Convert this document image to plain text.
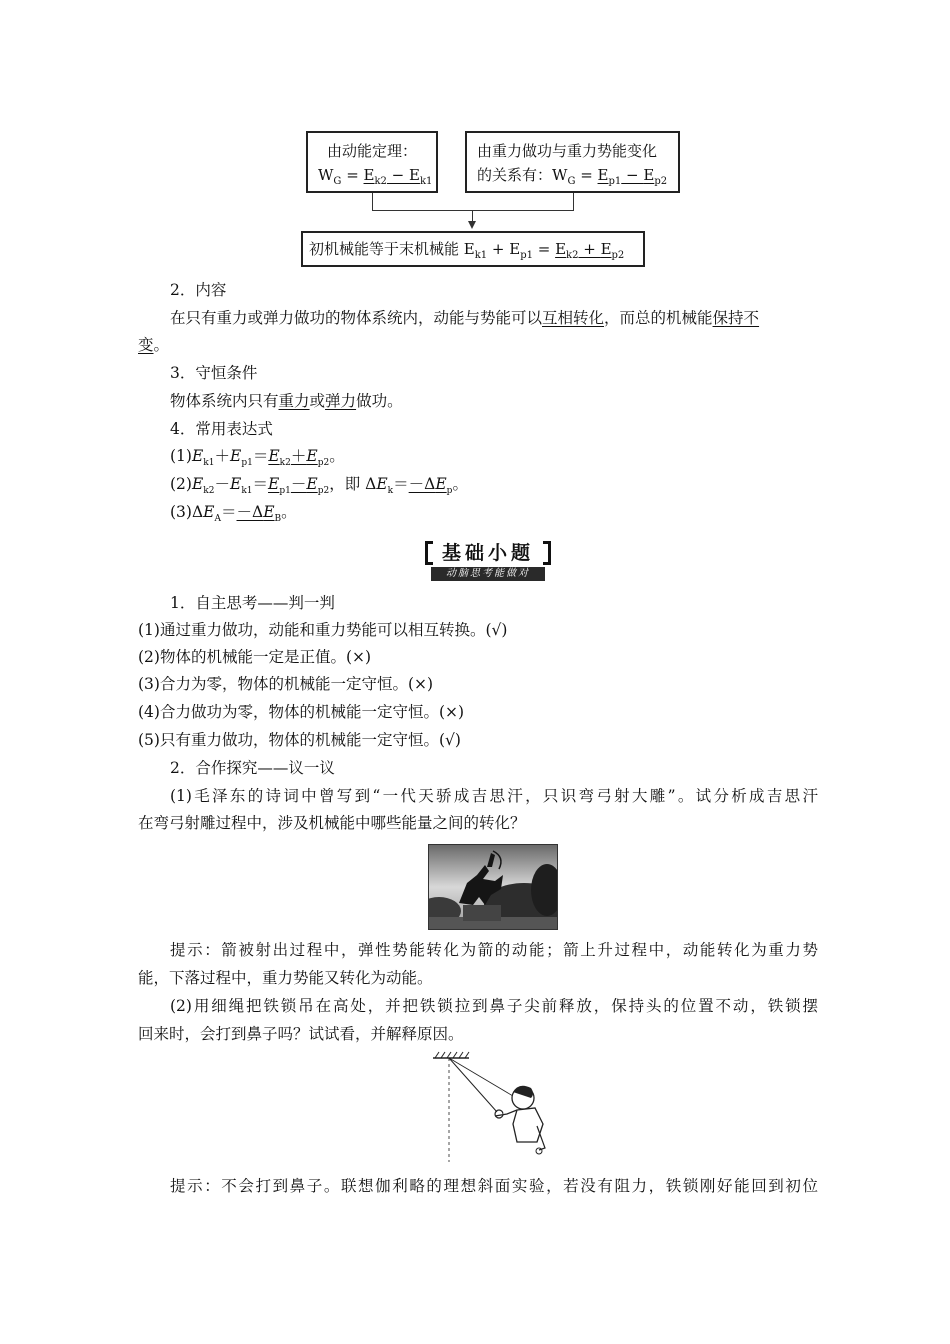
由动能定理：
$W_G = E_{k2} - E_{k1}$
由重力做功与重力势能变化
的关系有：$W_G = E_{p1} - E_{p2}$
初机械能等于末机械能 $E_{k1} + E_{p1} = E_{k2} + E_{p2}$
2．内容
在只有重力或弹力做功的物体系统内，动能与势能可以互相转化，而总的机械能保持不
变。
3．守恒条件
物体系统内只有重力或弹力做功。
4．常用表达式
$(1)E_{k1}+E_{p1}=E_{k2}+E_{p2}$。
$(2)E_{k2}-E_{k1}=E_{p1}-E_{p2}$，即 $\Delta E_k=-\Delta E_p$。
$(3)\Delta E_A=-\Delta E_B$。
基础小题
动脑思考能做对
1．自主思考——判一判
(1)通过重力做功，动能和重力势能可以相互转换。(√)
(2)物体的机械能一定是正值。(×)
(3)合力为零，物体的机械能一定守恒。(×)
(4)合力做功为零，物体的机械能一定守恒。(×)
(5)只有重力做功，物体的机械能一定守恒。(√)
2．合作探究——议一议
(1)毛泽东的诗词中曾写到“一代天骄成吉思汗，只识弯弓射大雕”。试分析成吉思汗
在弯弓射雕过程中，涉及机械能中哪些能量之间的转化？
提示：箭被射出过程中，弹性势能转化为箭的动能；箭上升过程中，动能转化为重力势
能，下落过程中，重力势能又转化为动能。
(2)用细绳把铁锁吊在高处，并把铁锁拉到鼻子尖前释放，保持头的位置不动，铁锁摆
回来时，会打到鼻子吗？试试看，并解释原因。
提示：不会打到鼻子。联想伽利略的理想斜面实验，若没有阻力，铁锁刚好能回到初位
